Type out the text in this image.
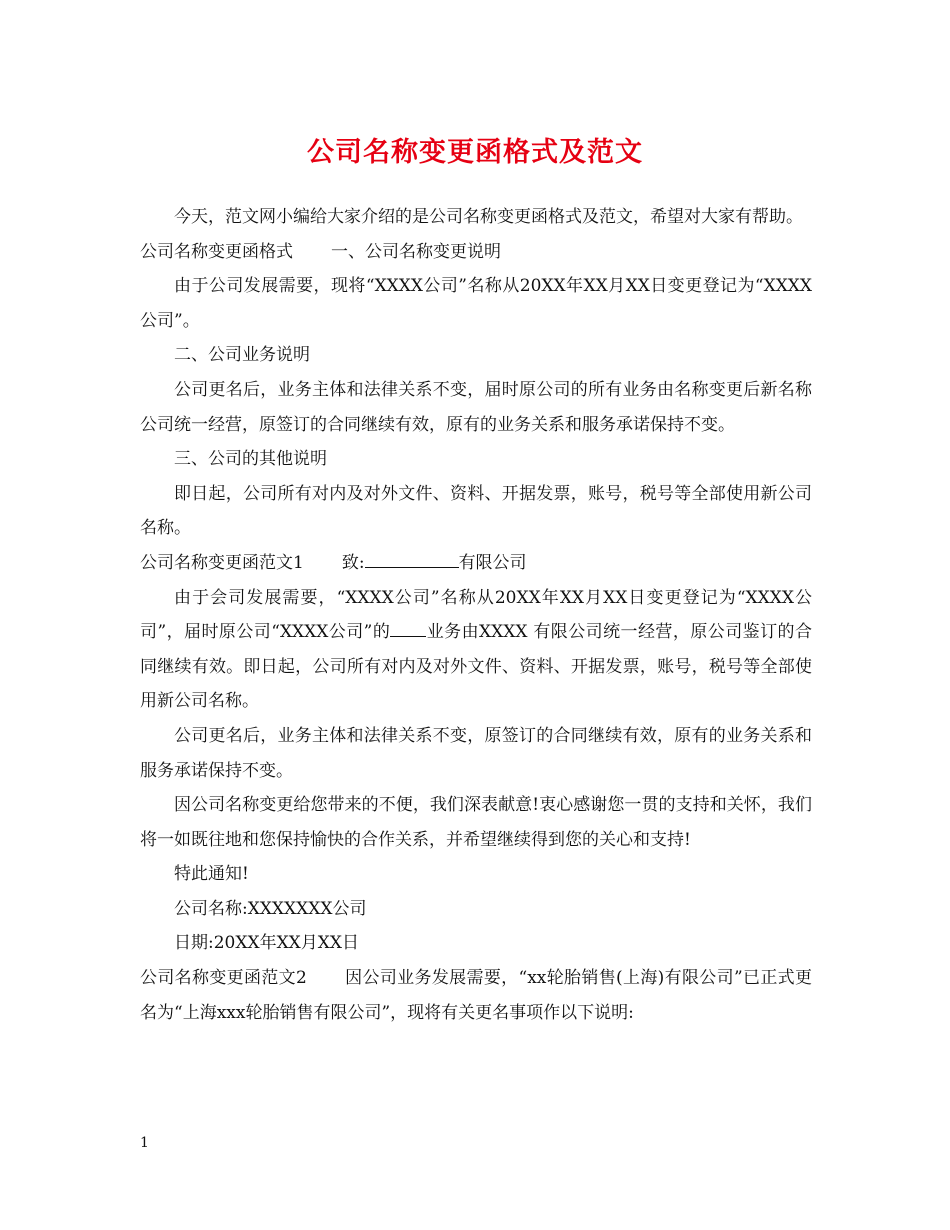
公司名称变更函格式及范文

今天，范文网小编给大家介绍的是公司名称变更函格式及范文，希望对大家有帮助。

公司名称变更函格式 一、公司名称变更说明

由于公司发展需要，现将“XXXX公司”名称从20XX年XX月XX日变更登记为“XXXX公司”。

二、公司业务说明

公司更名后，业务主体和法律关系不变，届时原公司的所有业务由名称变更后新名称公司统一经营，原签订的合同继续有效，原有的业务关系和服务承诺保持不变。

三、公司的其他说明

即日起，公司所有对内及对外文件、资料、开据发票，账号，税号等全部使用新公司名称。

公司名称变更函范文1 致:	有限公司

由于会司发展需要，“XXXX公司”名称从20XX年XX月XX日变更登记为“XXXX公司”，届时原公司“XXXX公司”的 业务由XXXX 有限公司统一经营，原公司鉴订的合同继续有效。即日起，公司所有对内及对外文件、资料、开据发票，账号，税号等全部使用新公司名称。

公司更名后，业务主体和法律关系不变，原签订的合同继续有效，原有的业务关系和服务承诺保持不变。

因公司名称变更给您带来的不便，我们深表献意!衷心感谢您一贯的支持和关怀，我们将一如既往地和您保持愉快的合作关系，并希望继续得到您的关心和支持!

特此通知!

公司名称:XXXXXXX公司

日期:20XX年XX月XX日

公司名称变更函范文2 因公司业务发展需要，“xx轮胎销售(上海)有限公司”已正式更名为“上海xxx轮胎销售有限公司”，现将有关更名事项作以下说明:

1
